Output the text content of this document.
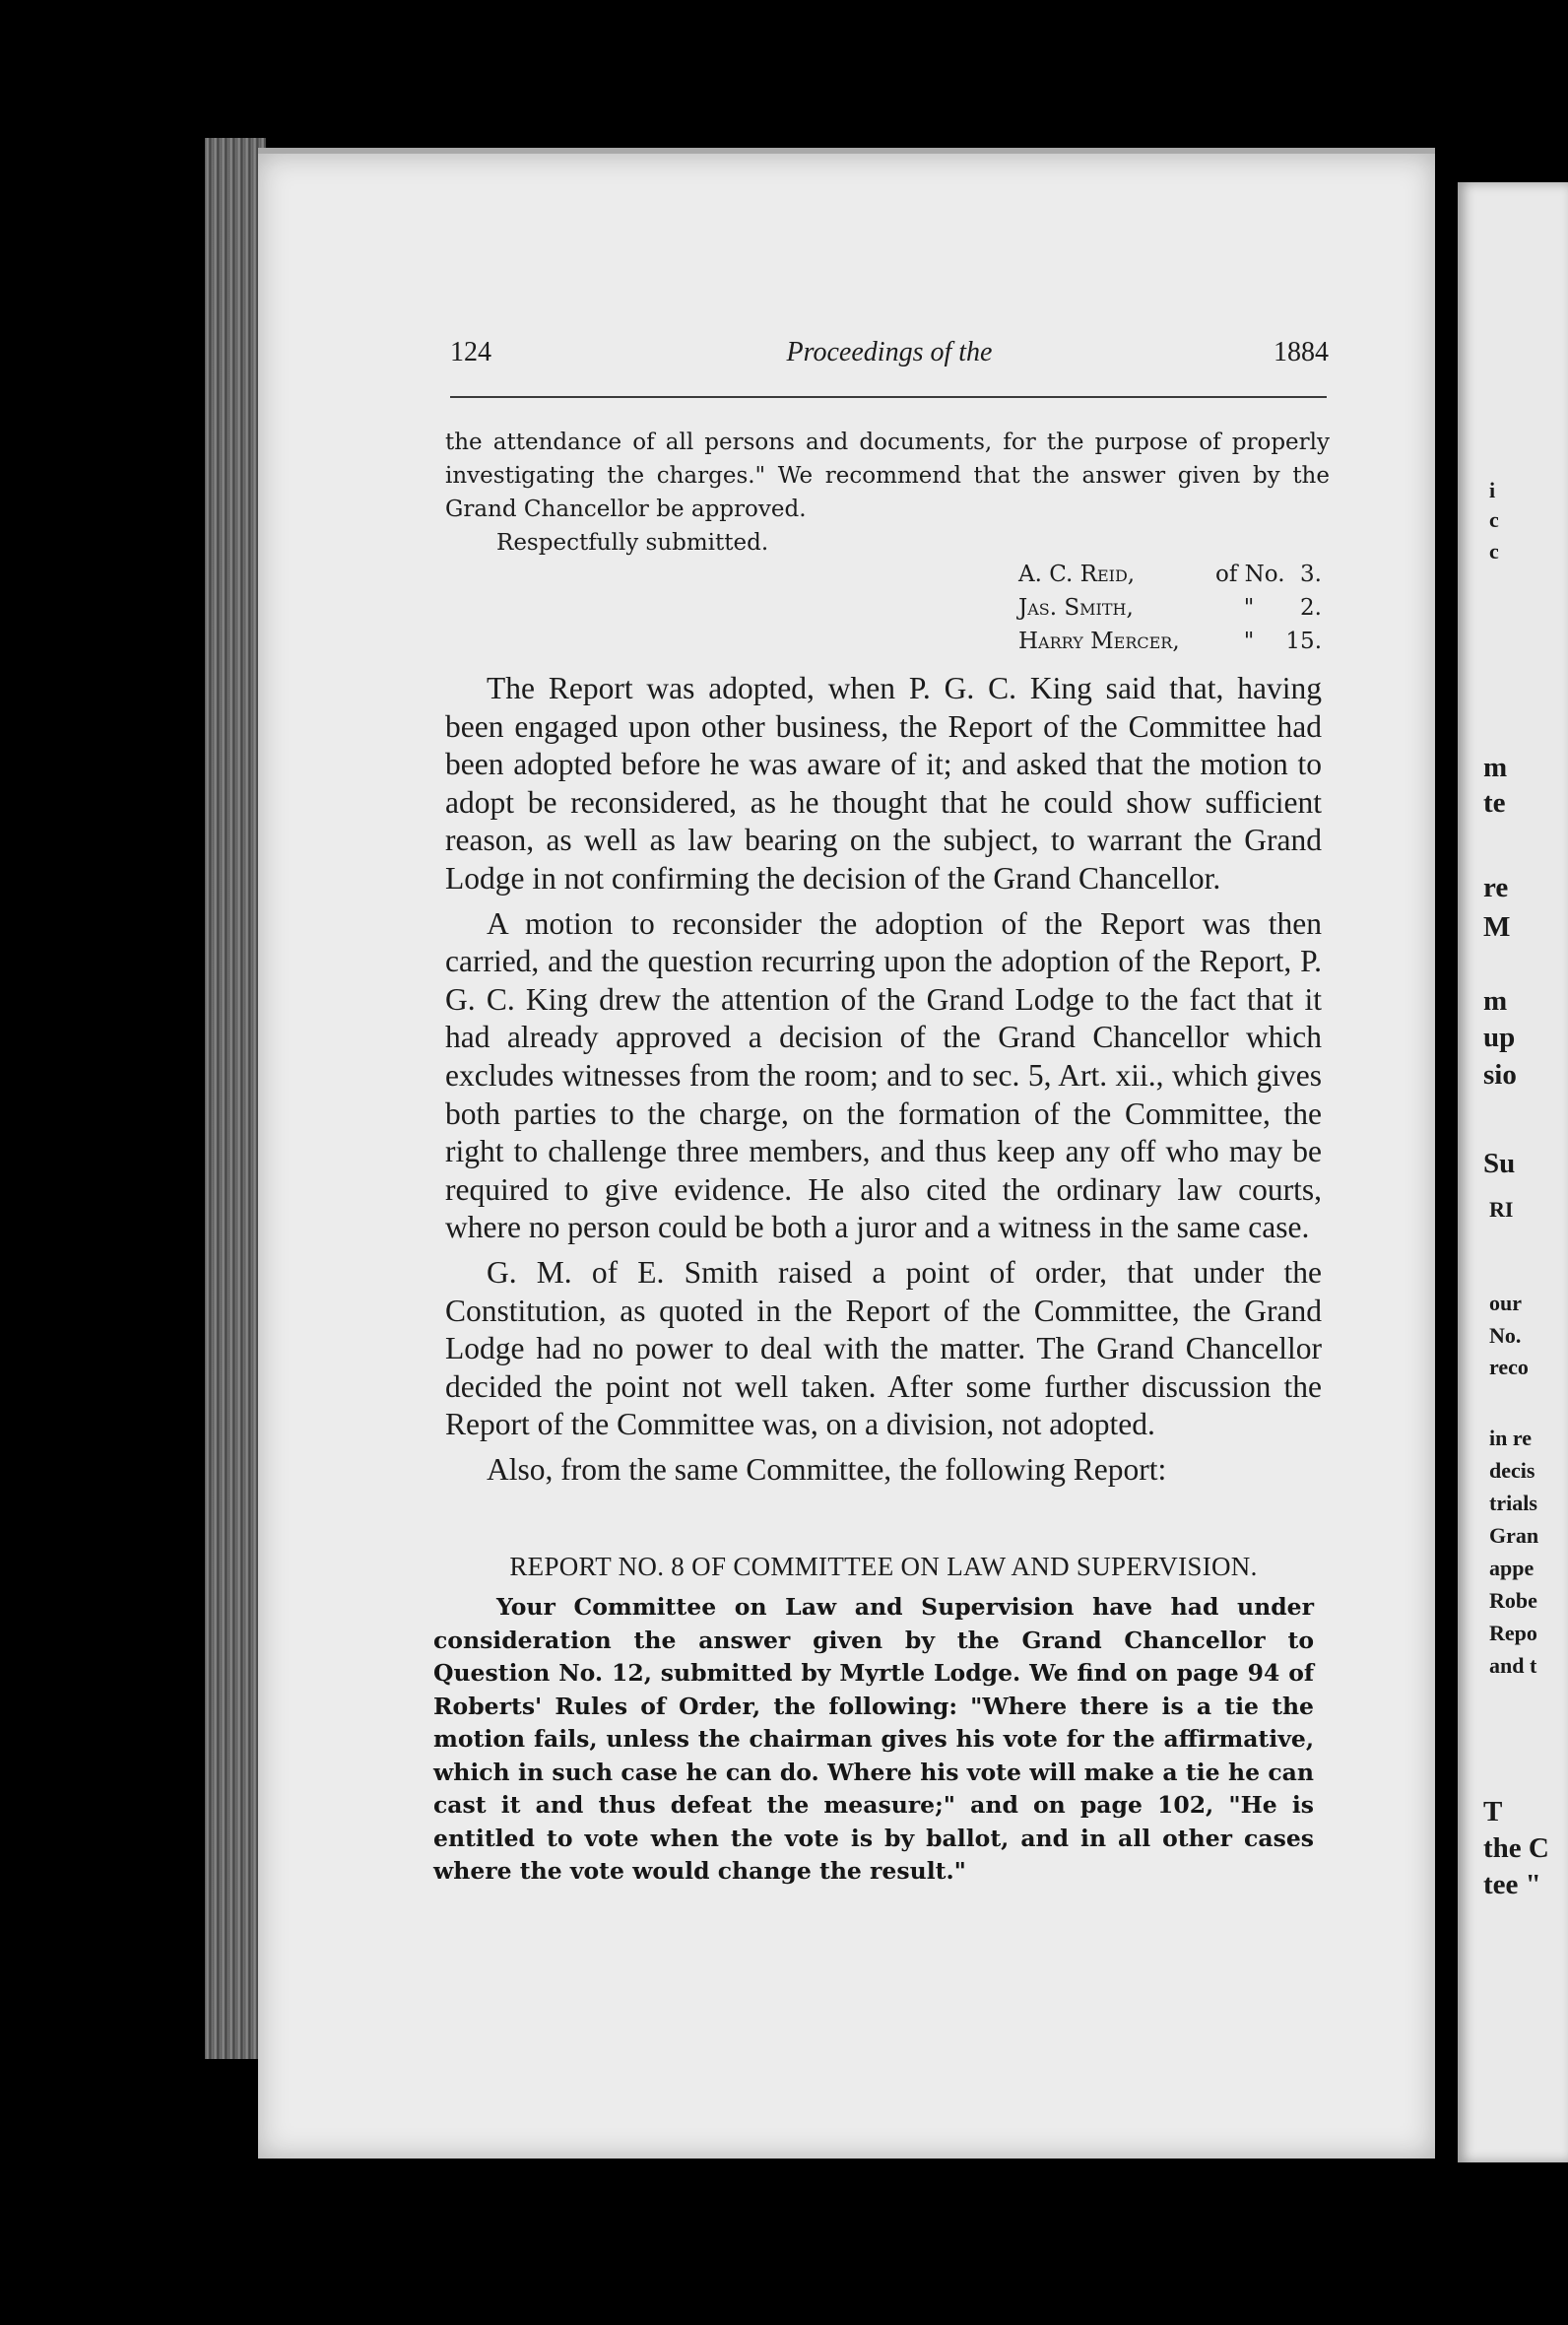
i
c
c
m
te
re
M
m
up
sio
Su
RI
our
No.
reco
in re
decis
trials
Gran
appe
Robe
Repo
and t
T
the C
tee "
124	Proceedings of the	1884

the attendance of all persons and documents, for the purpose of properly investigating the charges." We recommend that the answer given by the Grand Chancellor be approved.

Respectfully submitted.

A. C. Reid,	of No. 3.
Jas. Smith,	"	2.
Harry Mercer,	"	15.

The Report was adopted, when P. G. C. King said that, having been engaged upon other business, the Report of the Committee had been adopted before he was aware of it; and asked that the motion to adopt be reconsidered, as he thought that he could show sufficient reason, as well as law bearing on the subject, to warrant the Grand Lodge in not confirming the decision of the Grand Chancellor.

A motion to reconsider the adoption of the Report was then carried, and the question recurring upon the adoption of the Report, P. G. C. King drew the attention of the Grand Lodge to the fact that it had already approved a decision of the Grand Chancellor which excludes witnesses from the room; and to sec. 5, Art. xii., which gives both parties to the charge, on the formation of the Committee, the right to challenge three members, and thus keep any off who may be required to give evidence. He also cited the ordinary law courts, where no person could be both a juror and a witness in the same case.

G. M. of E. Smith raised a point of order, that under the Constitution, as quoted in the Report of the Committee, the Grand Lodge had no power to deal with the matter. The Grand Chancellor decided the point not well taken. After some further discussion the Report of the Committee was, on a division, not adopted.

Also, from the same Committee, the following Report:

REPORT NO. 8 OF COMMITTEE ON LAW AND SUPERVISION.

Your Committee on Law and Supervision have had under consideration the answer given by the Grand Chancellor to Question No. 12, submitted by Myrtle Lodge. We find on page 94 of Roberts' Rules of Order, the following: "Where there is a tie the motion fails, unless the chairman gives his vote for the affirmative, which in such case he can do. Where his vote will make a tie he can cast it and thus defeat the measure;" and on page 102, "He is entitled to vote when the vote is by ballot, and in all other cases where the vote would change the result."
